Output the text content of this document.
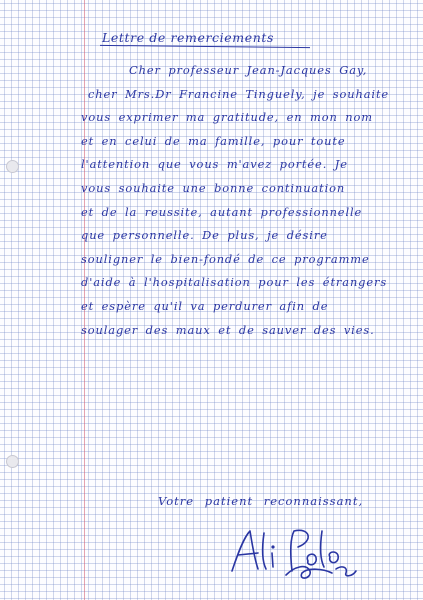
Lettre de remerciements
Cher professeur Jean-Jacques Gay,
cher Mrs.Dr Francine Tinguely, je souhaite
vous exprimer ma gratitude, en mon nom
et en celui de ma famille, pour toute
l'attention que vous m'avez portée. Je
vous souhaite une bonne continuation
et de la reussite, autant professionnelle
que personnelle. De plus, je désire
souligner le bien-fondé de ce programme
d'aide à l'hospitalisation pour les étrangers
et espère qu'il va perdurer afin de
soulager des maux et de sauver des vies.
Votre patient reconnaissant,
